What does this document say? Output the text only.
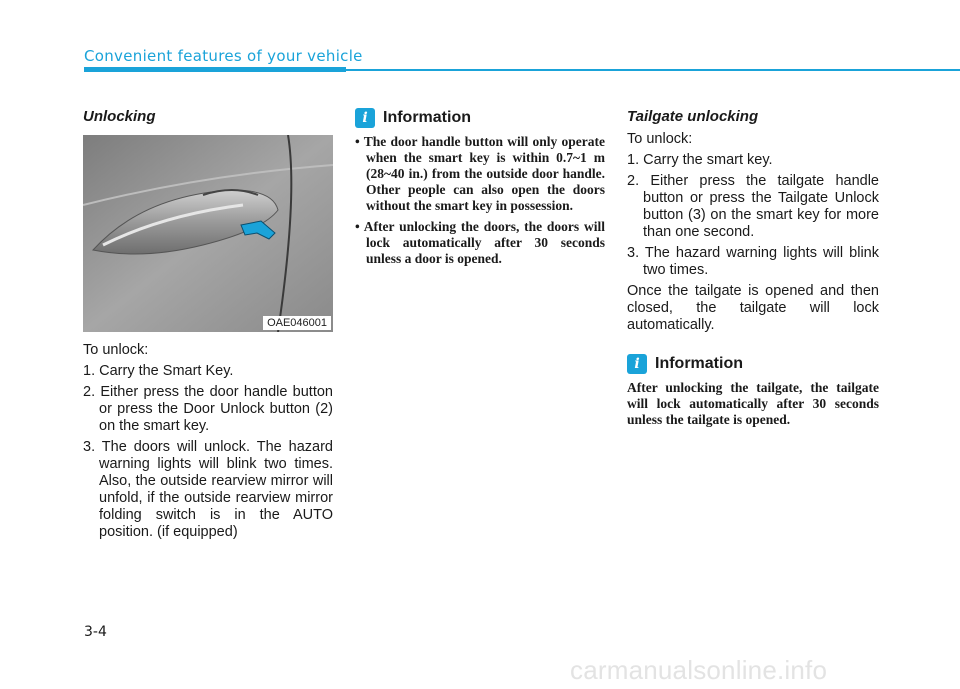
Convenient features of your vehicle
Unlocking
OAE046001

To unlock:

1. Carry the Smart Key.
2. Either press the door handle button or press the Door Unlock button (2) on the smart key.
3. The doors will unlock. The hazard warning lights will blink two times. Also, the outside rearview mirror will unfold, if the outside rearview mirror folding switch is in the AUTO position. (if equipped)
i Information
• The door handle button will only operate when the smart key is within 0.7~1 m (28~40 in.) from the outside door handle. Other people can also open the doors without the smart key in possession.
• After unlocking the doors, the doors will lock automatically after 30 seconds unless a door is opened.
Tailgate unlocking

To unlock:

1. Carry the smart key.
2. Either press the tailgate handle button or press the Tailgate Unlock button (3) on the smart key for more than one second.
3. The hazard warning lights will blink two times.

Once the tailgate is opened and then closed, the tailgate will lock automatically.

i Information

After unlocking the tailgate, the tailgate will lock automatically after 30 seconds unless the tailgate is opened.

3-4
carmanualsonline.info
